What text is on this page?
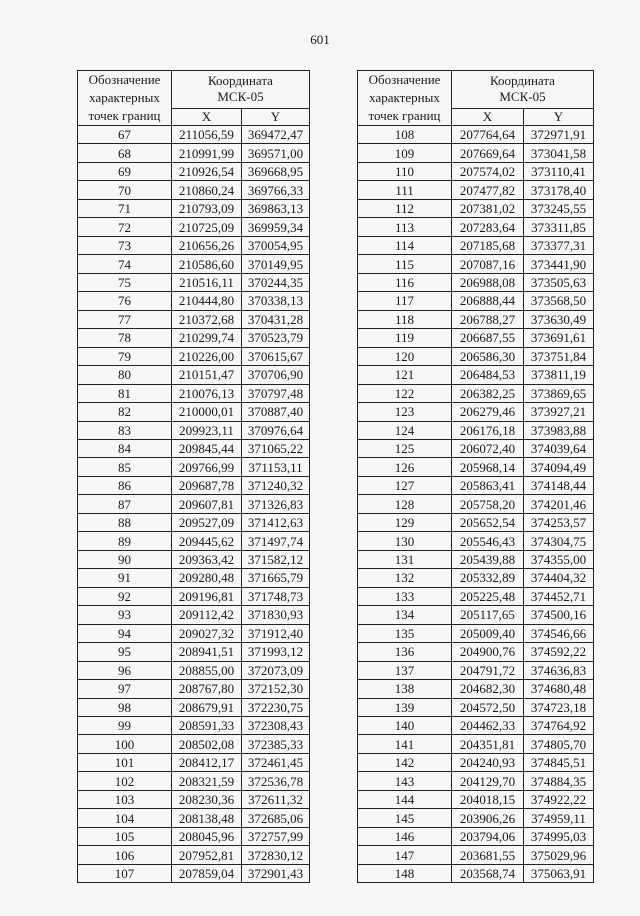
601
Обозначение
характерных
точек границ	Координата
МСК-05	
	X	Y
67	211056,59	369472,47
68	210991,99	369571,00
69	210926,54	369668,95
70	210860,24	369766,33
71	210793,09	369863,13
72	210725,09	369959,34
73	210656,26	370054,95
74	210586,60	370149,95
75	210516,11	370244,35
76	210444,80	370338,13
77	210372,68	370431,28
78	210299,74	370523,79
79	210226,00	370615,67
80	210151,47	370706,90
81	210076,13	370797,48
82	210000,01	370887,40
83	209923,11	370976,64
84	209845,44	371065,22
85	209766,99	371153,11
86	209687,78	371240,32
87	209607,81	371326,83
88	209527,09	371412,63
89	209445,62	371497,74
90	209363,42	371582,12
91	209280,48	371665,79
92	209196,81	371748,73
93	209112,42	371830,93
94	209027,32	371912,40
95	208941,51	371993,12
96	208855,00	372073,09
97	208767,80	372152,30
98	208679,91	372230,75
99	208591,33	372308,43
100	208502,08	372385,33
101	208412,17	372461,45
102	208321,59	372536,78
103	208230,36	372611,32
104	208138,48	372685,06
105	208045,96	372757,99
106	207952,81	372830,12
107	207859,04	372901,43
Обозначение
характерных
точек границ	Координата
МСК-05	
	X	Y
108	207764,64	372971,91
109	207669,64	373041,58
110	207574,02	373110,41
111	207477,82	373178,40
112	207381,02	373245,55
113	207283,64	373311,85
114	207185,68	373377,31
115	207087,16	373441,90
116	206988,08	373505,63
117	206888,44	373568,50
118	206788,27	373630,49
119	206687,55	373691,61
120	206586,30	373751,84
121	206484,53	373811,19
122	206382,25	373869,65
123	206279,46	373927,21
124	206176,18	373983,88
125	206072,40	374039,64
126	205968,14	374094,49
127	205863,41	374148,44
128	205758,20	374201,46
129	205652,54	374253,57
130	205546,43	374304,75
131	205439,88	374355,00
132	205332,89	374404,32
133	205225,48	374452,71
134	205117,65	374500,16
135	205009,40	374546,66
136	204900,76	374592,22
137	204791,72	374636,83
138	204682,30	374680,48
139	204572,50	374723,18
140	204462,33	374764,92
141	204351,81	374805,70
142	204240,93	374845,51
143	204129,70	374884,35
144	204018,15	374922,22
145	203906,26	374959,11
146	203794,06	374995,03
147	203681,55	375029,96
148	203568,74	375063,91
